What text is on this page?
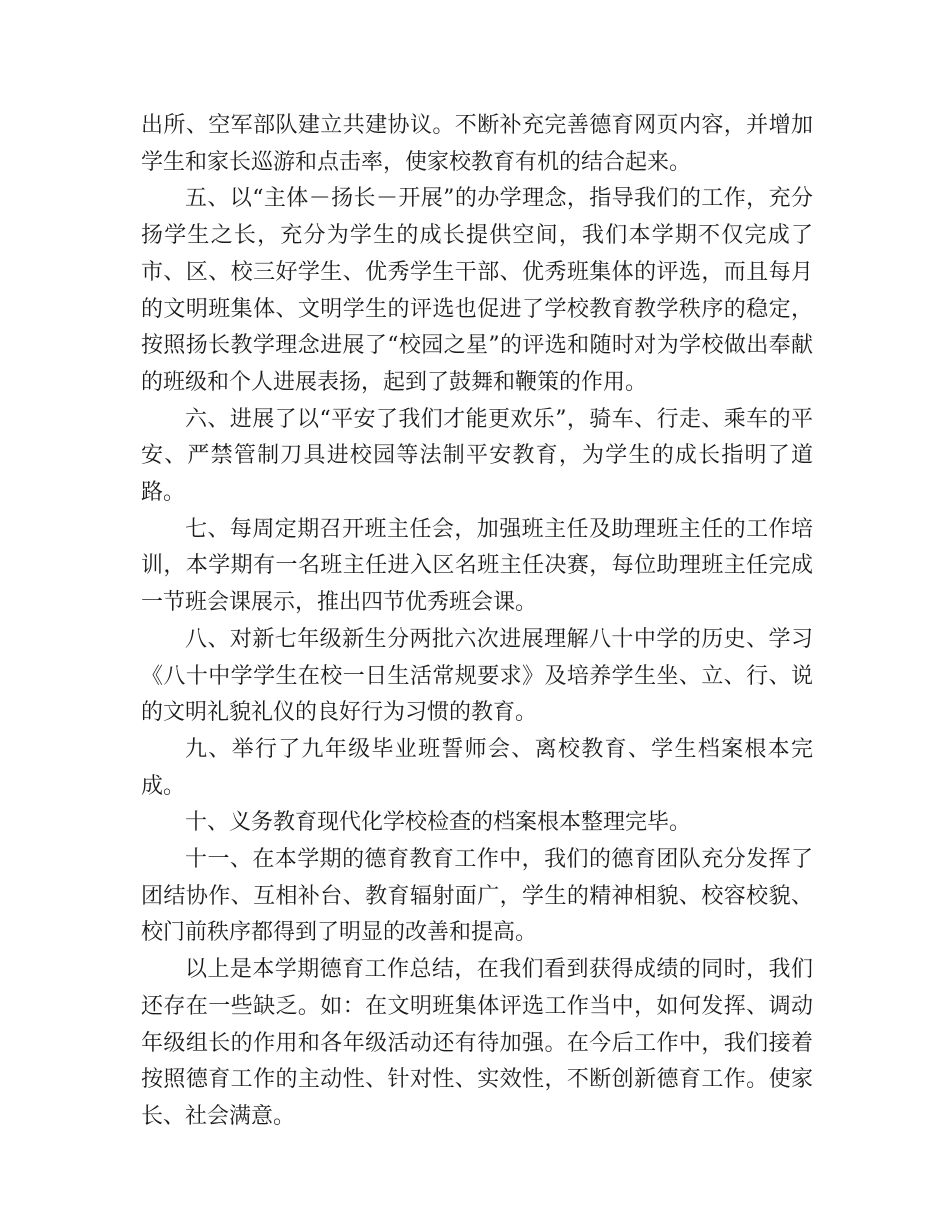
出所、空军部队建立共建协议。不断补充完善德育网页内容，并增加学生和家长巡游和点击率，使家校教育有机的结合起来。

五、以“主体－扬长－开展”的办学理念，指导我们的工作，充分扬学生之长，充分为学生的成长提供空间，我们本学期不仅完成了市、区、校三好学生、优秀学生干部、优秀班集体的评选，而且每月的文明班集体、文明学生的评选也促进了学校教育教学秩序的稳定，按照扬长教学理念进展了“校园之星”的评选和随时对为学校做出奉献的班级和个人进展表扬，起到了鼓舞和鞭策的作用。

六、进展了以“平安了我们才能更欢乐”，骑车、行走、乘车的平安、严禁管制刀具进校园等法制平安教育，为学生的成长指明了道路。

七、每周定期召开班主任会，加强班主任及助理班主任的工作培训，本学期有一名班主任进入区名班主任决赛，每位助理班主任完成一节班会课展示，推出四节优秀班会课。

八、对新七年级新生分两批六次进展理解八十中学的历史、学习《八十中学学生在校一日生活常规要求》及培养学生坐、立、行、说的文明礼貌礼仪的良好行为习惯的教育。

九、举行了九年级毕业班誓师会、离校教育、学生档案根本完成。

十、义务教育现代化学校检查的档案根本整理完毕。

十一、在本学期的德育教育工作中，我们的德育团队充分发挥了团结协作、互相补台、教育辐射面广，学生的精神相貌、校容校貌、校门前秩序都得到了明显的改善和提高。

以上是本学期德育工作总结，在我们看到获得成绩的同时，我们还存在一些缺乏。如：在文明班集体评选工作当中，如何发挥、调动年级组长的作用和各年级活动还有待加强。在今后工作中，我们接着按照德育工作的主动性、针对性、实效性，不断创新德育工作。使家长、社会满意。
